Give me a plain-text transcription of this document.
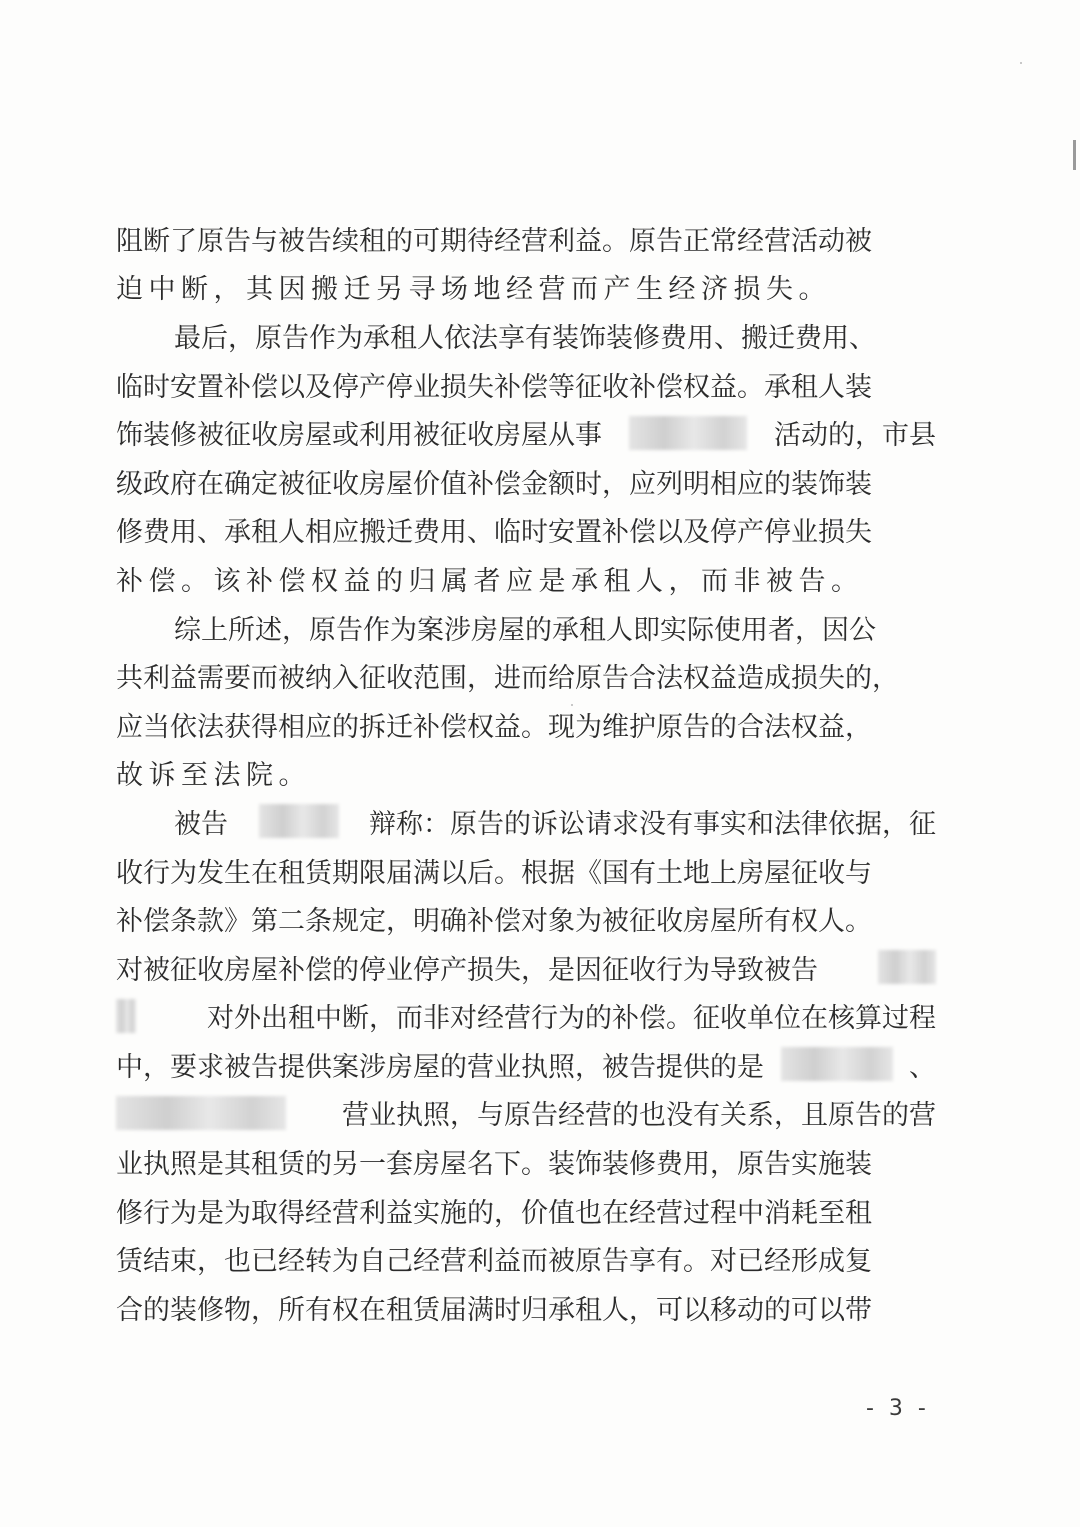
阻断了原告与被告续租的可期待经营利益。原告正常经营活动被
迫中断，其因搬迁另寻场地经营而产生经济损失。
最后，原告作为承租人依法享有装饰装修费用、搬迁费用、
临时安置补偿以及停产停业损失补偿等征收补偿权益。承租人装
饰装修被征收房屋或利用被征收房屋从事	活动的，市县
级政府在确定被征收房屋价值补偿金额时，应列明相应的装饰装
修费用、承租人相应搬迁费用、临时安置补偿以及停产停业损失
补偿。该补偿权益的归属者应是承租人，而非被告。
综上所述，原告作为案涉房屋的承租人即实际使用者，因公
共利益需要而被纳入征收范围，进而给原告合法权益造成损失的，
应当依法获得相应的拆迁补偿权益。现为维护原告的合法权益，
故诉至法院。
被告	辩称：原告的诉讼请求没有事实和法律依据，征
收行为发生在租赁期限届满以后。根据《国有土地上房屋征收与
补偿条款》第二条规定，明确补偿对象为被征收房屋所有权人。
对被征收房屋补偿的停业停产损失，是因征收行为导致被告
对外出租中断，而非对经营行为的补偿。征收单位在核算过程
中，要求被告提供案涉房屋的营业执照，被告提供的是	、
营业执照，与原告经营的也没有关系，且原告的营
业执照是其租赁的另一套房屋名下。装饰装修费用，原告实施装
修行为是为取得经营利益实施的，价值也在经营过程中消耗至租
赁结束，也已经转为自己经营利益而被原告享有。对已经形成复
合的装修物，所有权在租赁届满时归承租人，可以移动的可以带
- 3 -
